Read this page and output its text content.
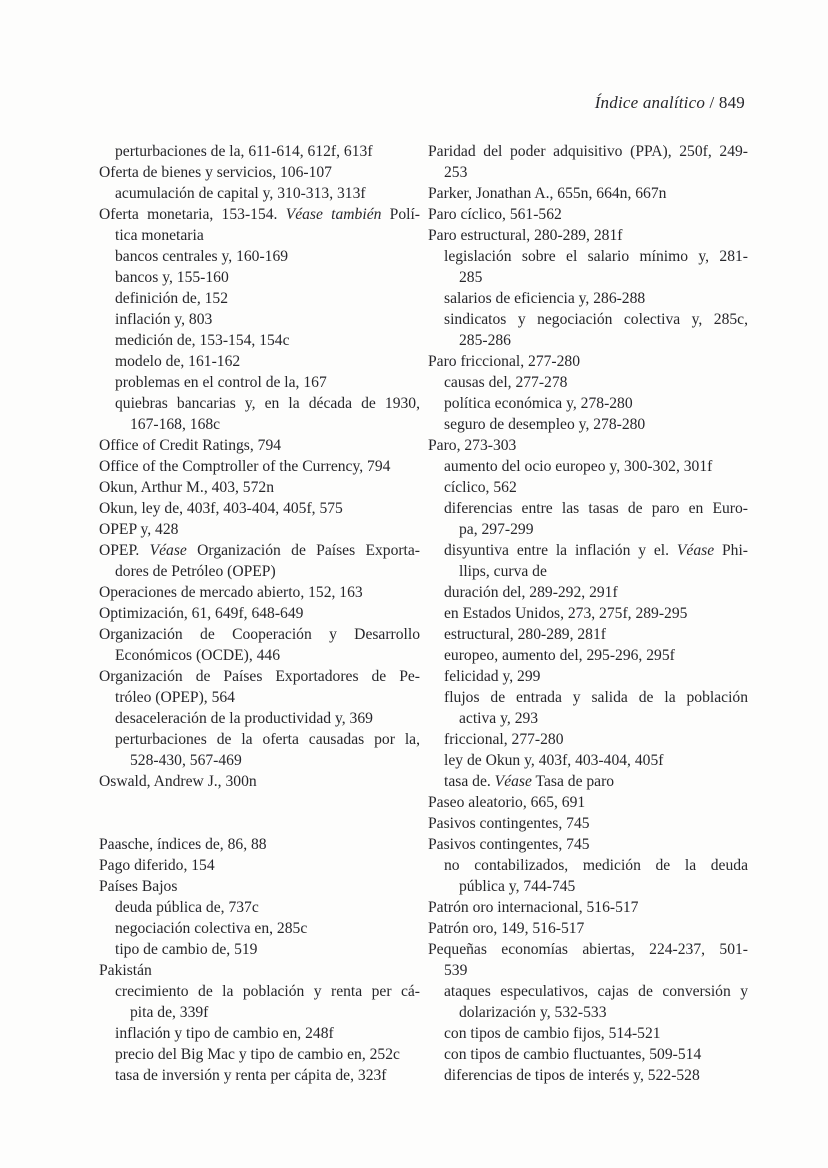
Índice analítico / 849
perturbaciones de la, 611-614, 612f, 613f
Oferta de bienes y servicios, 106-107
acumulación de capital y, 310-313, 313f
Oferta monetaria, 153-154. Véase también Polí-
tica monetaria
bancos centrales y, 160-169
bancos y, 155-160
definición de, 152
inflación y, 803
medición de, 153-154, 154c
modelo de, 161-162
problemas en el control de la, 167
quiebras bancarias y, en la década de 1930,
167-168, 168c
Office of Credit Ratings, 794
Office of the Comptroller of the Currency, 794
Okun, Arthur M., 403, 572n
Okun, ley de, 403f, 403-404, 405f, 575
OPEP y, 428
OPEP. Véase Organización de Países Exporta-
dores de Petróleo (OPEP)
Operaciones de mercado abierto, 152, 163
Optimización, 61, 649f, 648-649
Organización de Cooperación y Desarrollo
Económicos (OCDE), 446
Organización de Países Exportadores de Pe-
tróleo (OPEP), 564
desaceleración de la productividad y, 369
perturbaciones de la oferta causadas por la,
528-430, 567-469
Oswald, Andrew J., 300n
Paasche, índices de, 86, 88
Pago diferido, 154
Países Bajos
deuda pública de, 737c
negociación colectiva en, 285c
tipo de cambio de, 519
Pakistán
crecimiento de la población y renta per cá-
pita de, 339f
inflación y tipo de cambio en, 248f
precio del Big Mac y tipo de cambio en, 252c
tasa de inversión y renta per cápita de, 323f
Paridad del poder adquisitivo (PPA), 250f, 249-
253
Parker, Jonathan A., 655n, 664n, 667n
Paro cíclico, 561-562
Paro estructural, 280-289, 281f
legislación sobre el salario mínimo y, 281-
285
salarios de eficiencia y, 286-288
sindicatos y negociación colectiva y, 285c,
285-286
Paro friccional, 277-280
causas del, 277-278
política económica y, 278-280
seguro de desempleo y, 278-280
Paro, 273-303
aumento del ocio europeo y, 300-302, 301f
cíclico, 562
diferencias entre las tasas de paro en Euro-
pa, 297-299
disyuntiva entre la inflación y el. Véase Phi-
llips, curva de
duración del, 289-292, 291f
en Estados Unidos, 273, 275f, 289-295
estructural, 280-289, 281f
europeo, aumento del, 295-296, 295f
felicidad y, 299
flujos de entrada y salida de la población
activa y, 293
friccional, 277-280
ley de Okun y, 403f, 403-404, 405f
tasa de. Véase Tasa de paro
Paseo aleatorio, 665, 691
Pasivos contingentes, 745
Pasivos contingentes, 745
no contabilizados, medición de la deuda
pública y, 744-745
Patrón oro internacional, 516-517
Patrón oro, 149, 516-517
Pequeñas economías abiertas, 224-237, 501-
539
ataques especulativos, cajas de conversión y
dolarización y, 532-533
con tipos de cambio fijos, 514-521
con tipos de cambio fluctuantes, 509-514
diferencias de tipos de interés y, 522-528
